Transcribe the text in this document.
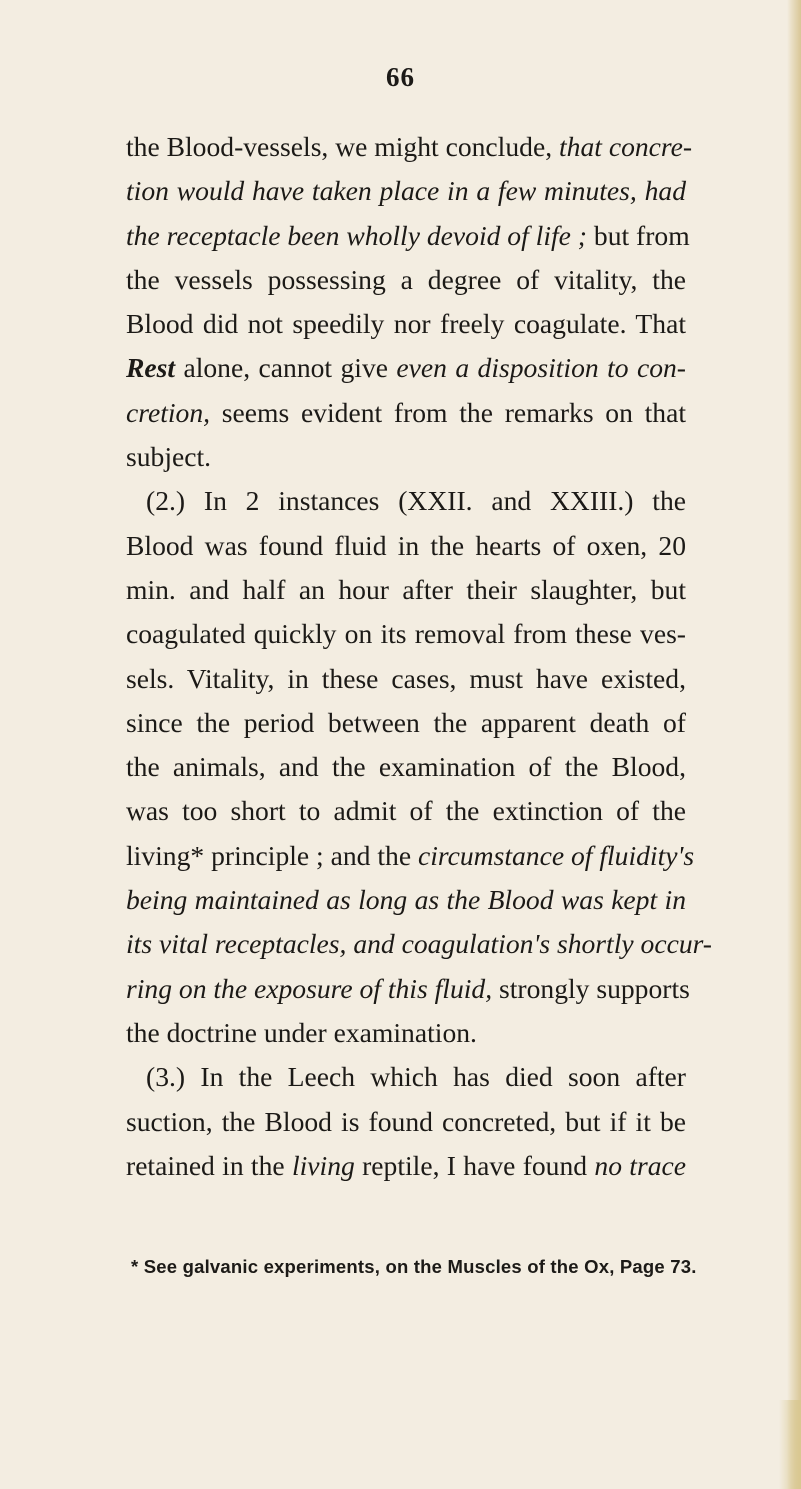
66
the Blood-vessels, we might conclude, that concre-
tion would have taken place in a few minutes, had
the receptacle been wholly devoid of life ; but from
the vessels possessing a degree of vitality, the
Blood did not speedily nor freely coagulate. That
Rest alone, cannot give even a disposition to con-
cretion, seems evident from the remarks on that
subject.
(2.) In 2 instances (XXII. and XXIII.) the
Blood was found fluid in the hearts of oxen, 20
min. and half an hour after their slaughter, but
coagulated quickly on its removal from these ves-
sels. Vitality, in these cases, must have existed,
since the period between the apparent death of
the animals, and the examination of the Blood,
was too short to admit of the extinction of the
living* principle ; and the circumstance of fluidity's
being maintained as long as the Blood was kept in
its vital receptacles, and coagulation's shortly occur-
ring on the exposure of this fluid, strongly supports
the doctrine under examination.
(3.) In the Leech which has died soon after
suction, the Blood is found concreted, but if it be
retained in the living reptile, I have found no trace
* See galvanic experiments, on the Muscles of the Ox, Page 73.
